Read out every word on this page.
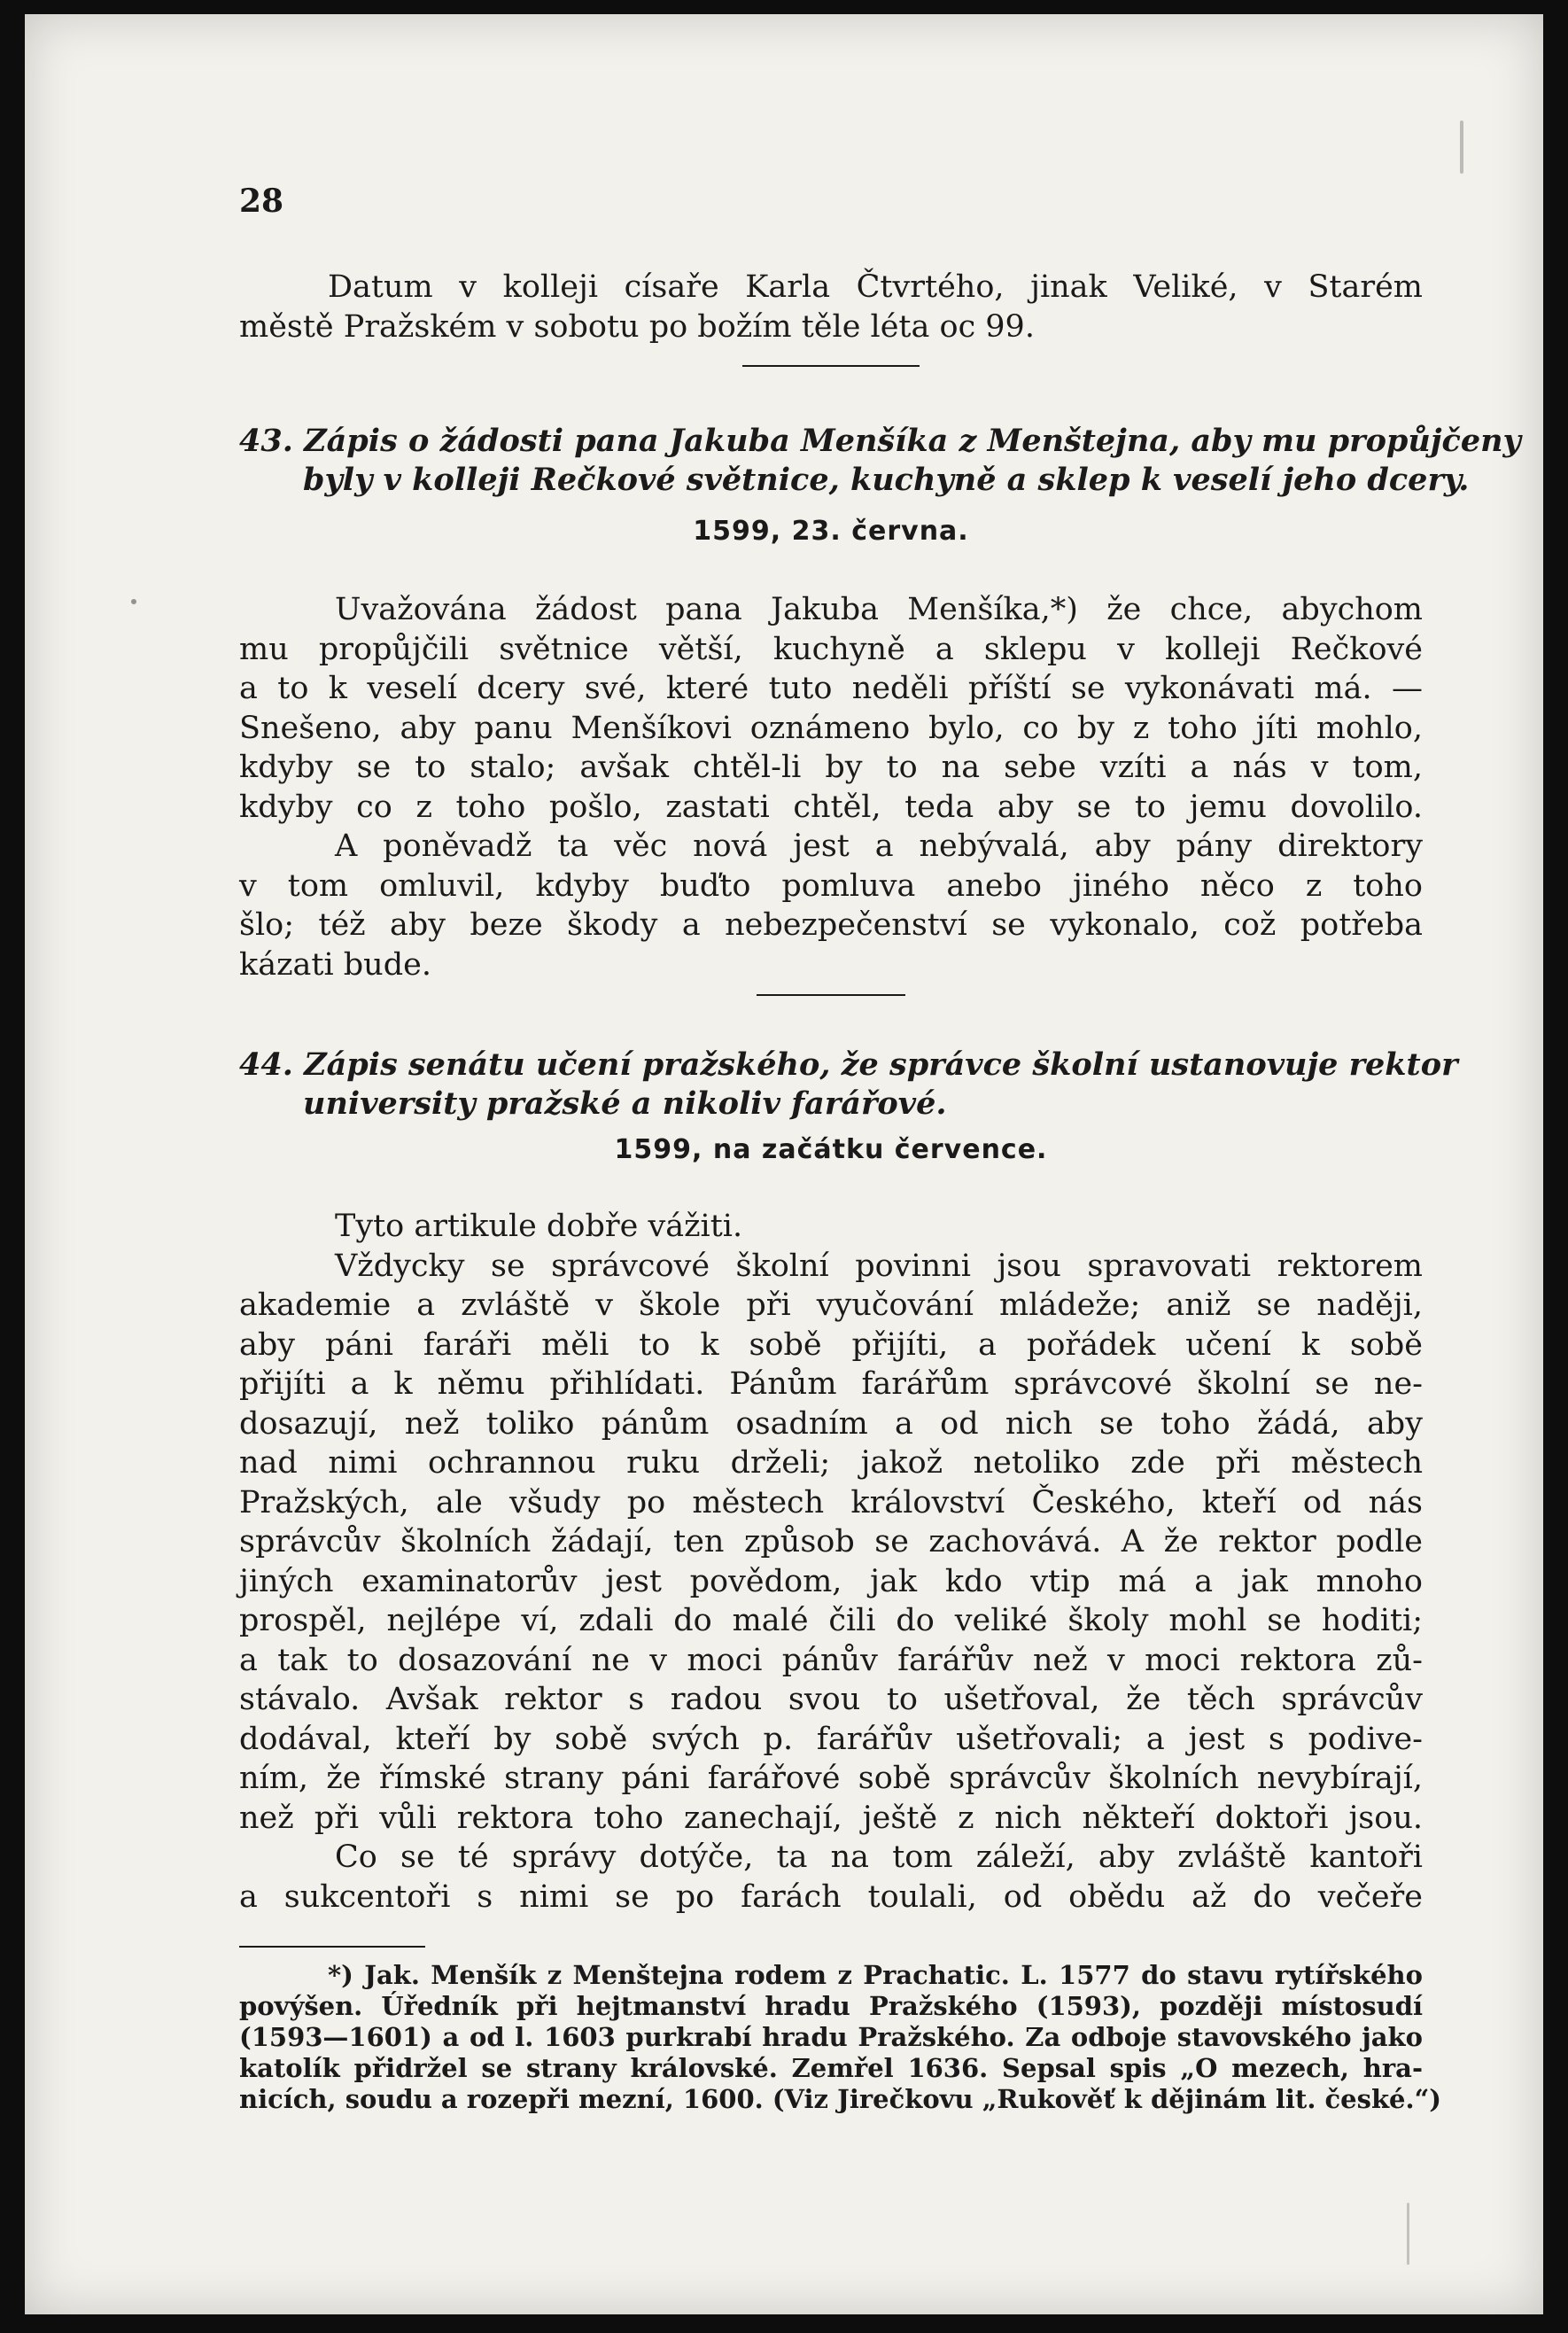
28
Datum v kolleji císaře Karla Čtvrtého, jinak Veliké, v Starém
městě Pražském v sobotu po božím těle léta oc 99.
43. Zápis o žádosti pana Jakuba Menšíka z Menštejna, aby mu propůjčeny
byly v kolleji Rečkové světnice, kuchyně a sklep k veselí jeho dcery.
1599, 23. června.
Uvažována žádost pana Jakuba Menšíka,*) že chce, abychom
mu propůjčili světnice větší, kuchyně a sklepu v kolleji Rečkové
a to k veselí dcery své, které tuto neděli příští se vykonávati má. —
Snešeno, aby panu Menšíkovi oznámeno bylo, co by z toho jíti mohlo,
kdyby se to stalo; avšak chtěl-li by to na sebe vzíti a nás v tom,
kdyby co z toho pošlo, zastati chtěl, teda aby se to jemu dovolilo.
A poněvadž ta věc nová jest a nebývalá, aby pány direktory
v tom omluvil, kdyby buďto pomluva anebo jiného něco z toho
šlo; též aby beze škody a nebezpečenství se vykonalo, což potřeba
kázati bude.
44. Zápis senátu učení pražského, že správce školní ustanovuje rektor
university pražské a nikoliv farářové.
1599, na začátku července.
Tyto artikule dobře vážiti.
Vždycky se správcové školní povinni jsou spravovati rektorem
akademie a zvláště v škole při vyučování mládeže; aniž se naději,
aby páni faráři měli to k sobě přijíti, a pořádek učení k sobě
přijíti a k němu přihlídati. Pánům farářům správcové školní se ne-
dosazují, než toliko pánům osadním a od nich se toho žádá, aby
nad nimi ochrannou ruku drželi; jakož netoliko zde při městech
Pražských, ale všudy po městech království Českého, kteří od nás
správcův školních žádají, ten způsob se zachovává. A že rektor podle
jiných examinatorův jest povědom, jak kdo vtip má a jak mnoho
prospěl, nejlépe ví, zdali do malé čili do veliké školy mohl se hoditi;
a tak to dosazování ne v moci pánův farářův než v moci rektora zů-
stávalo. Avšak rektor s radou svou to ušetřoval, že těch správcův
dodával, kteří by sobě svých p. farářův ušetřovali; a jest s podive-
ním, že římské strany páni farářové sobě správcův školních nevybírají,
než při vůli rektora toho zanechají, ještě z nich někteří doktoři jsou.
Co se té správy dotýče, ta na tom záleží, aby zvláště kantoři
a sukcentoři s nimi se po farách toulali, od obědu až do večeře
*) Jak. Menšík z Menštejna rodem z Prachatic. L. 1577 do stavu rytířského
povýšen. Úředník při hejtmanství hradu Pražského (1593), později místosudí
(1593—1601) a od l. 1603 purkrabí hradu Pražského. Za odboje stavovského jako
katolík přidržel se strany královské. Zemřel 1636. Sepsal spis „O mezech, hra-
nicích, soudu a rozepři mezní, 1600. (Viz Jirečkovu „Rukověť k dějinám lit. české.“)
